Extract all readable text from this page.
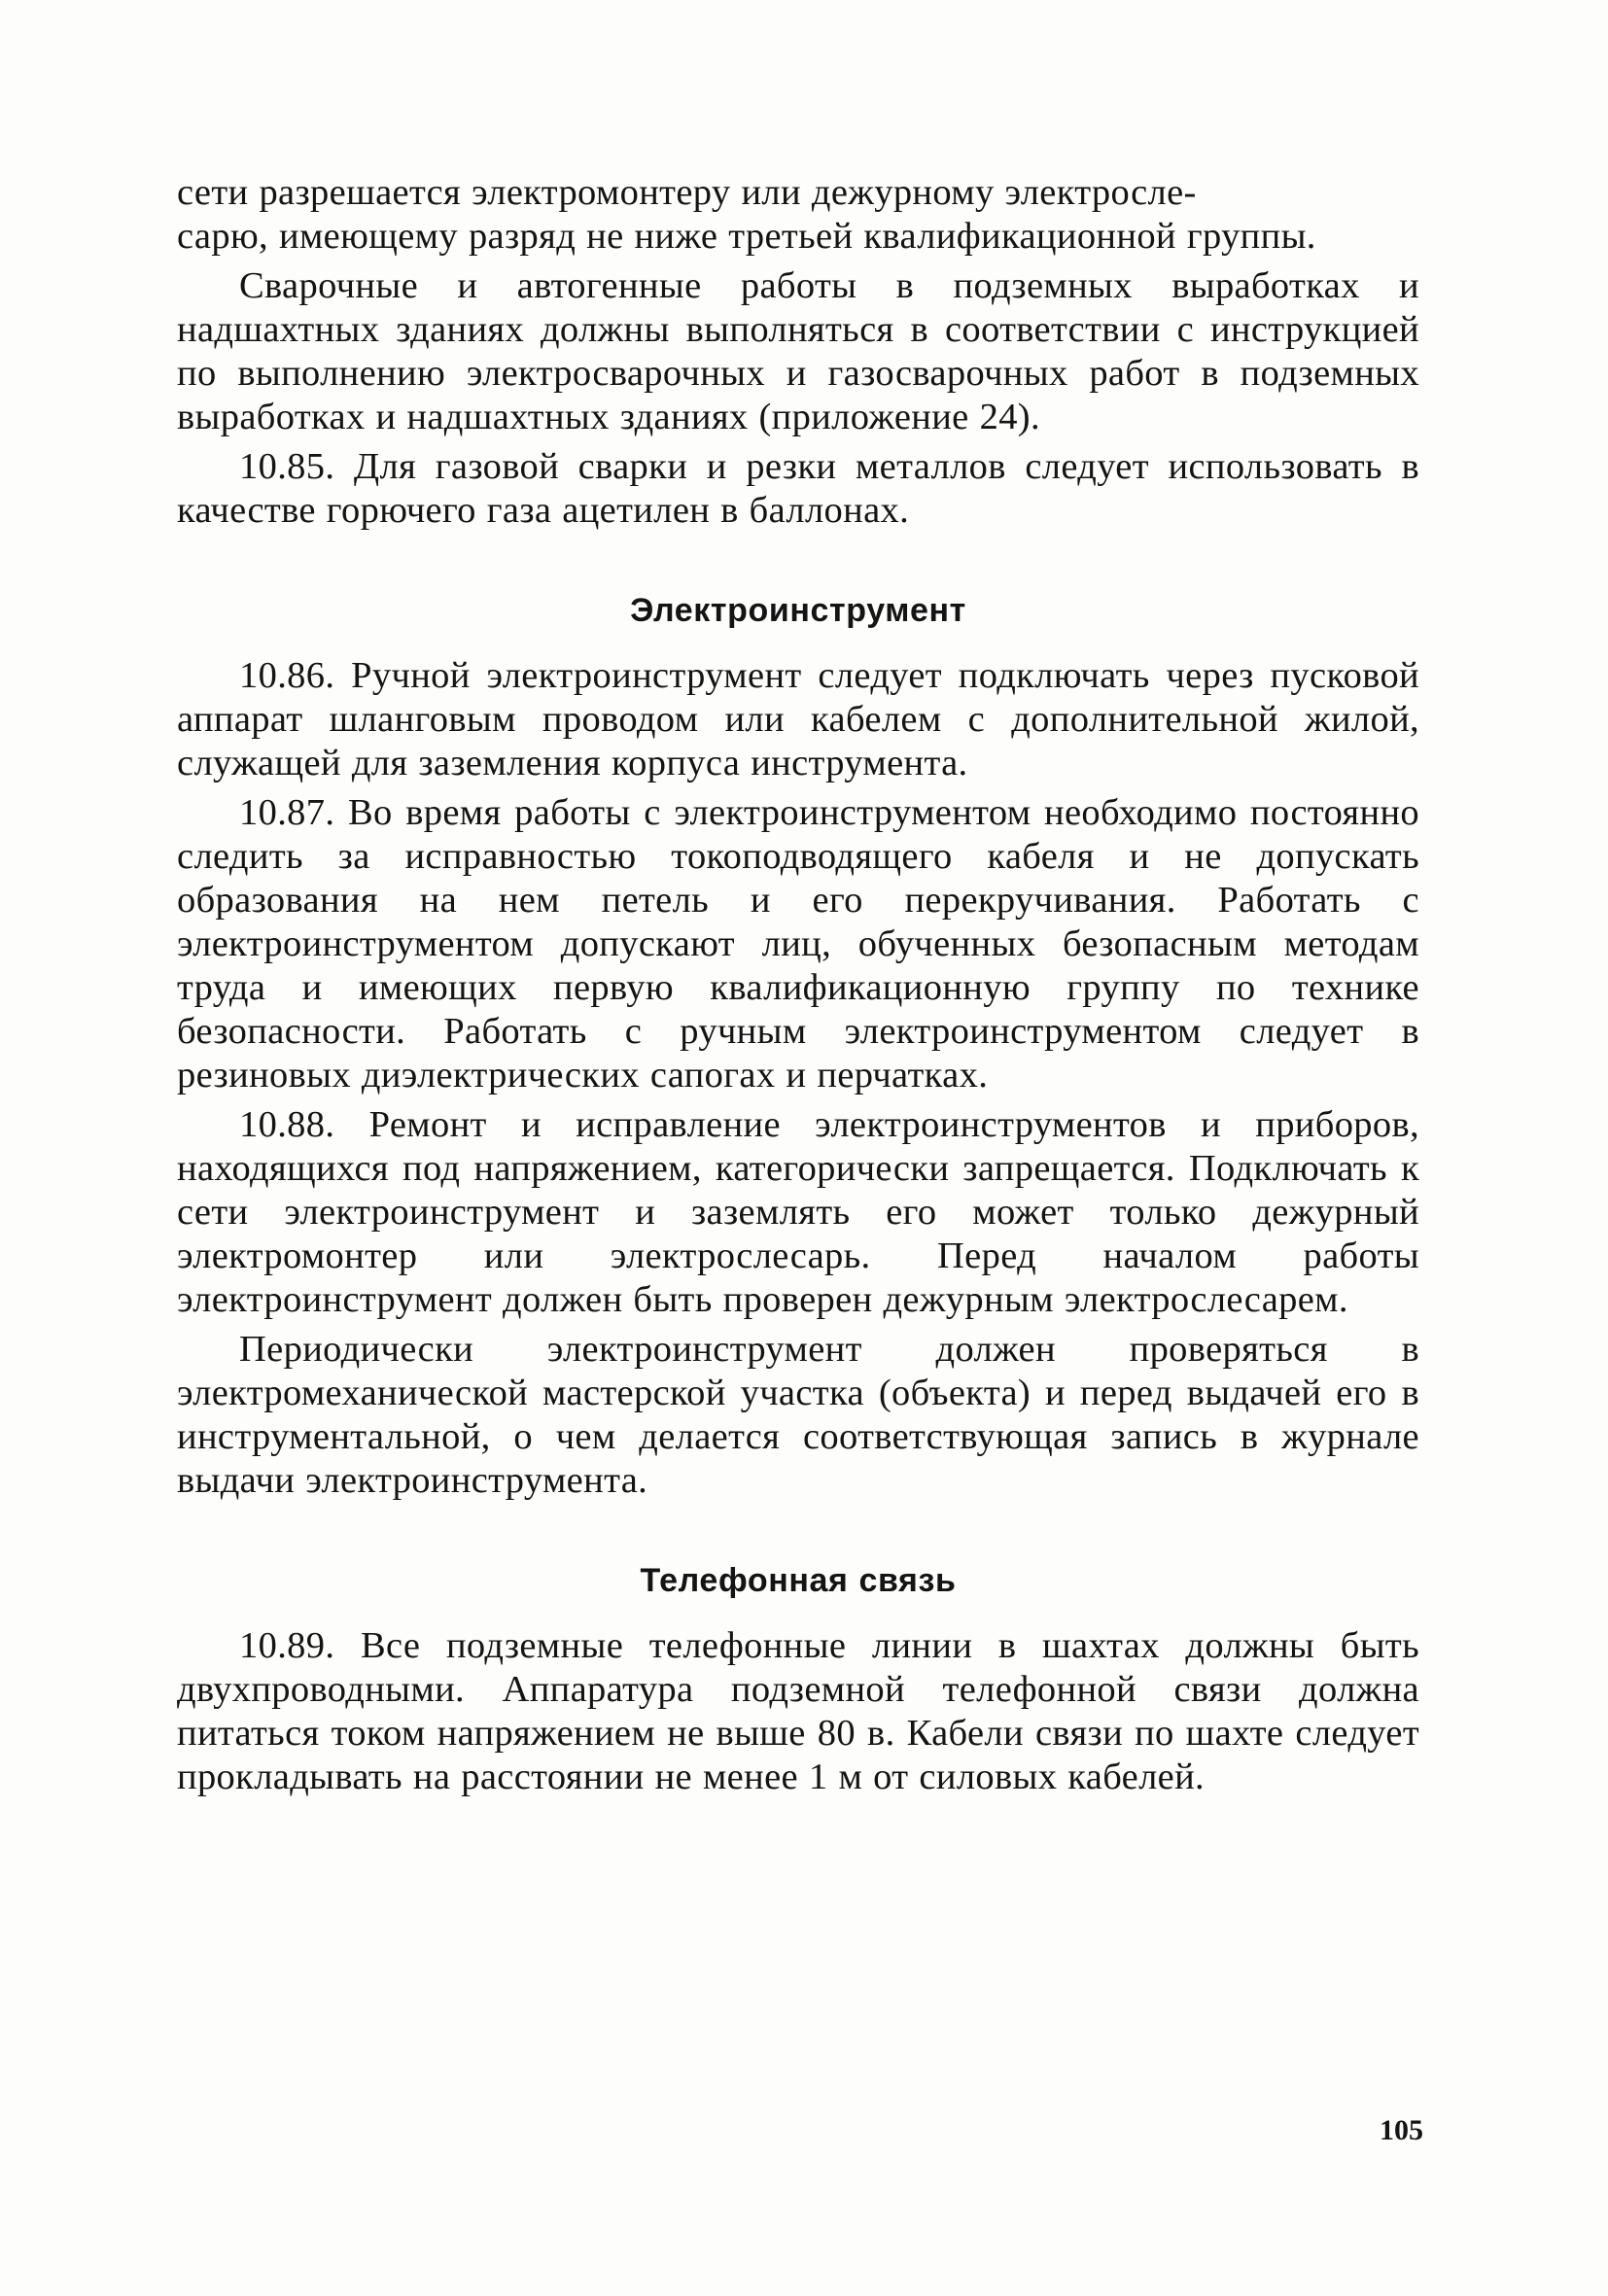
сети разрешается электромонтеру или дежурному электросле-
сарю, имеющему разряд не ниже третьей квалификационной группы.

Сварочные и автогенные работы в подземных выработках и надшахтных зданиях должны выполняться в соответствии с инструкцией по выполнению электросварочных и газосварочных работ в подземных выработках и надшахтных зданиях (приложение 24).

10.85. Для газовой сварки и резки металлов следует использовать в качестве горючего газа ацетилен в баллонах.

Электроинструмент

10.86. Ручной электроинструмент следует подключать через пусковой аппарат шланговым проводом или кабелем с дополнительной жилой, служащей для заземления корпуса инструмента.

10.87. Во время работы с электроинструментом необходимо постоянно следить за исправностью токоподводящего кабеля и не допускать образования на нем петель и его перекручивания. Работать с электроинструментом допускают лиц, обученных безопасным методам труда и имеющих первую квалификационную группу по технике безопасности. Работать с ручным электроинструментом следует в резиновых диэлектрических сапогах и перчатках.

10.88. Ремонт и исправление электроинструментов и приборов, находящихся под напряжением, категорически запрещается. Подключать к сети электроинструмент и заземлять его может только дежурный электромонтер или электрослесарь. Перед началом работы электроинструмент должен быть проверен дежурным электрослесарем.

Периодически электроинструмент должен проверяться в электромеханической мастерской участка (объекта) и перед выдачей его в инструментальной, о чем делается соответствующая запись в журнале выдачи электроинструмента.

Телефонная связь

10.89. Все подземные телефонные линии в шахтах должны быть двухпроводными. Аппаратура подземной телефонной связи должна питаться током напряжением не выше 80 в. Кабели связи по шахте следует прокладывать на расстоянии не менее 1 м от силовых кабелей.

105
